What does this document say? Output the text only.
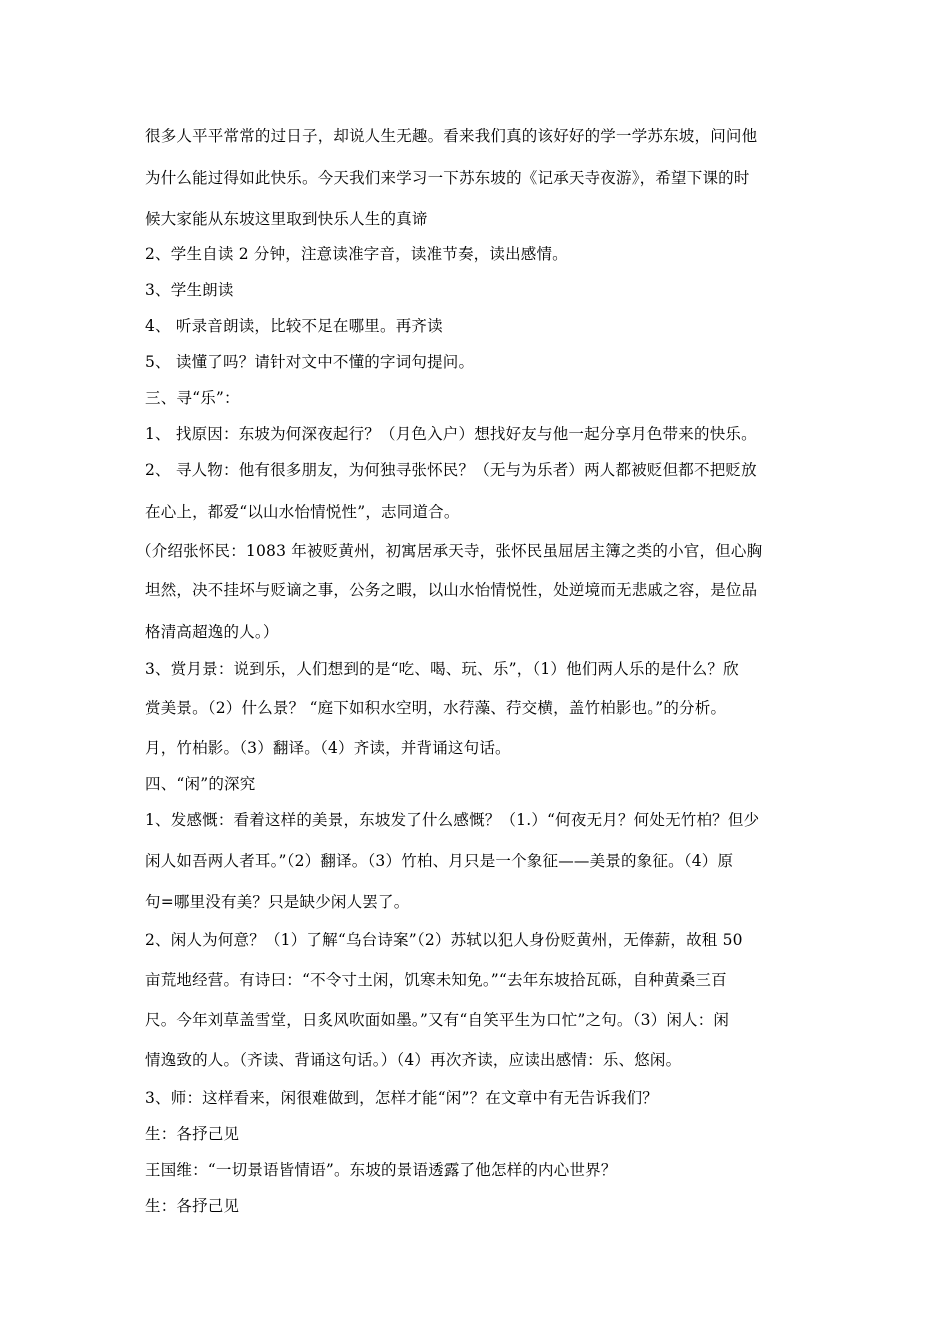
很多人平平常常的过日子，却说人生无趣。看来我们真的该好好的学一学苏东坡，问问他
为什么能过得如此快乐。今天我们来学习一下苏东坡的《记承天寺夜游》，希望下课的时
候大家能从东坡这里取到快乐人生的真谛
2、学生自读 2 分钟，注意读准字音，读准节奏，读出感情。
3、学生朗读
4、 听录音朗读，比较不足在哪里。再齐读
5、 读懂了吗？请针对文中不懂的字词句提问。
三、寻“乐”：
1、 找原因：东坡为何深夜起行？（月色入户）想找好友与他一起分享月色带来的快乐。
2、 寻人物：他有很多朋友，为何独寻张怀民？（无与为乐者）两人都被贬但都不把贬放
在心上，都爱“以山水怡情悦性”，志同道合。
（介绍张怀民：1083 年被贬黄州，初寓居承天寺，张怀民虽屈居主簿之类的小官，但心胸
坦然，决不挂坏与贬谪之事，公务之暇，以山水怡情悦性，处逆境而无悲戚之容，是位品
格清高超逸的人。）
3、赏月景：说到乐，人们想到的是“吃、喝、玩、乐”，（1）他们两人乐的是什么？欣
赏美景。（2）什么景？ “庭下如积水空明，水荇藻、荇交横，盖竹柏影也。”的分析。
月，竹柏影。（3）翻译。（4）齐读，并背诵这句话。
四、“闲”的深究
1、发感慨：看着这样的美景，东坡发了什么感慨？（1.）“何夜无月？何处无竹柏？但少
闲人如吾两人者耳。”（2）翻译。（3）竹柏、月只是一个象征——美景的象征。（4）原
句=哪里没有美？只是缺少闲人罢了。
2、闲人为何意？（1）了解“乌台诗案”（2）苏轼以犯人身份贬黄州，无俸薪，故租 50
亩荒地经营。有诗曰：“不令寸土闲，饥寒未知免。”“去年东坡拾瓦砾，自种黄桑三百
尺。今年刘草盖雪堂，日炙风吹面如墨。”又有“自笑平生为口忙”之句。（3）闲人：闲
情逸致的人。（齐读、背诵这句话。）（4）再次齐读，应读出感情：乐、悠闲。
3、师：这样看来，闲很难做到，怎样才能“闲”？在文章中有无告诉我们？
生：各抒己见
王国维：“一切景语皆情语”。东坡的景语透露了他怎样的内心世界？
生：各抒己见
